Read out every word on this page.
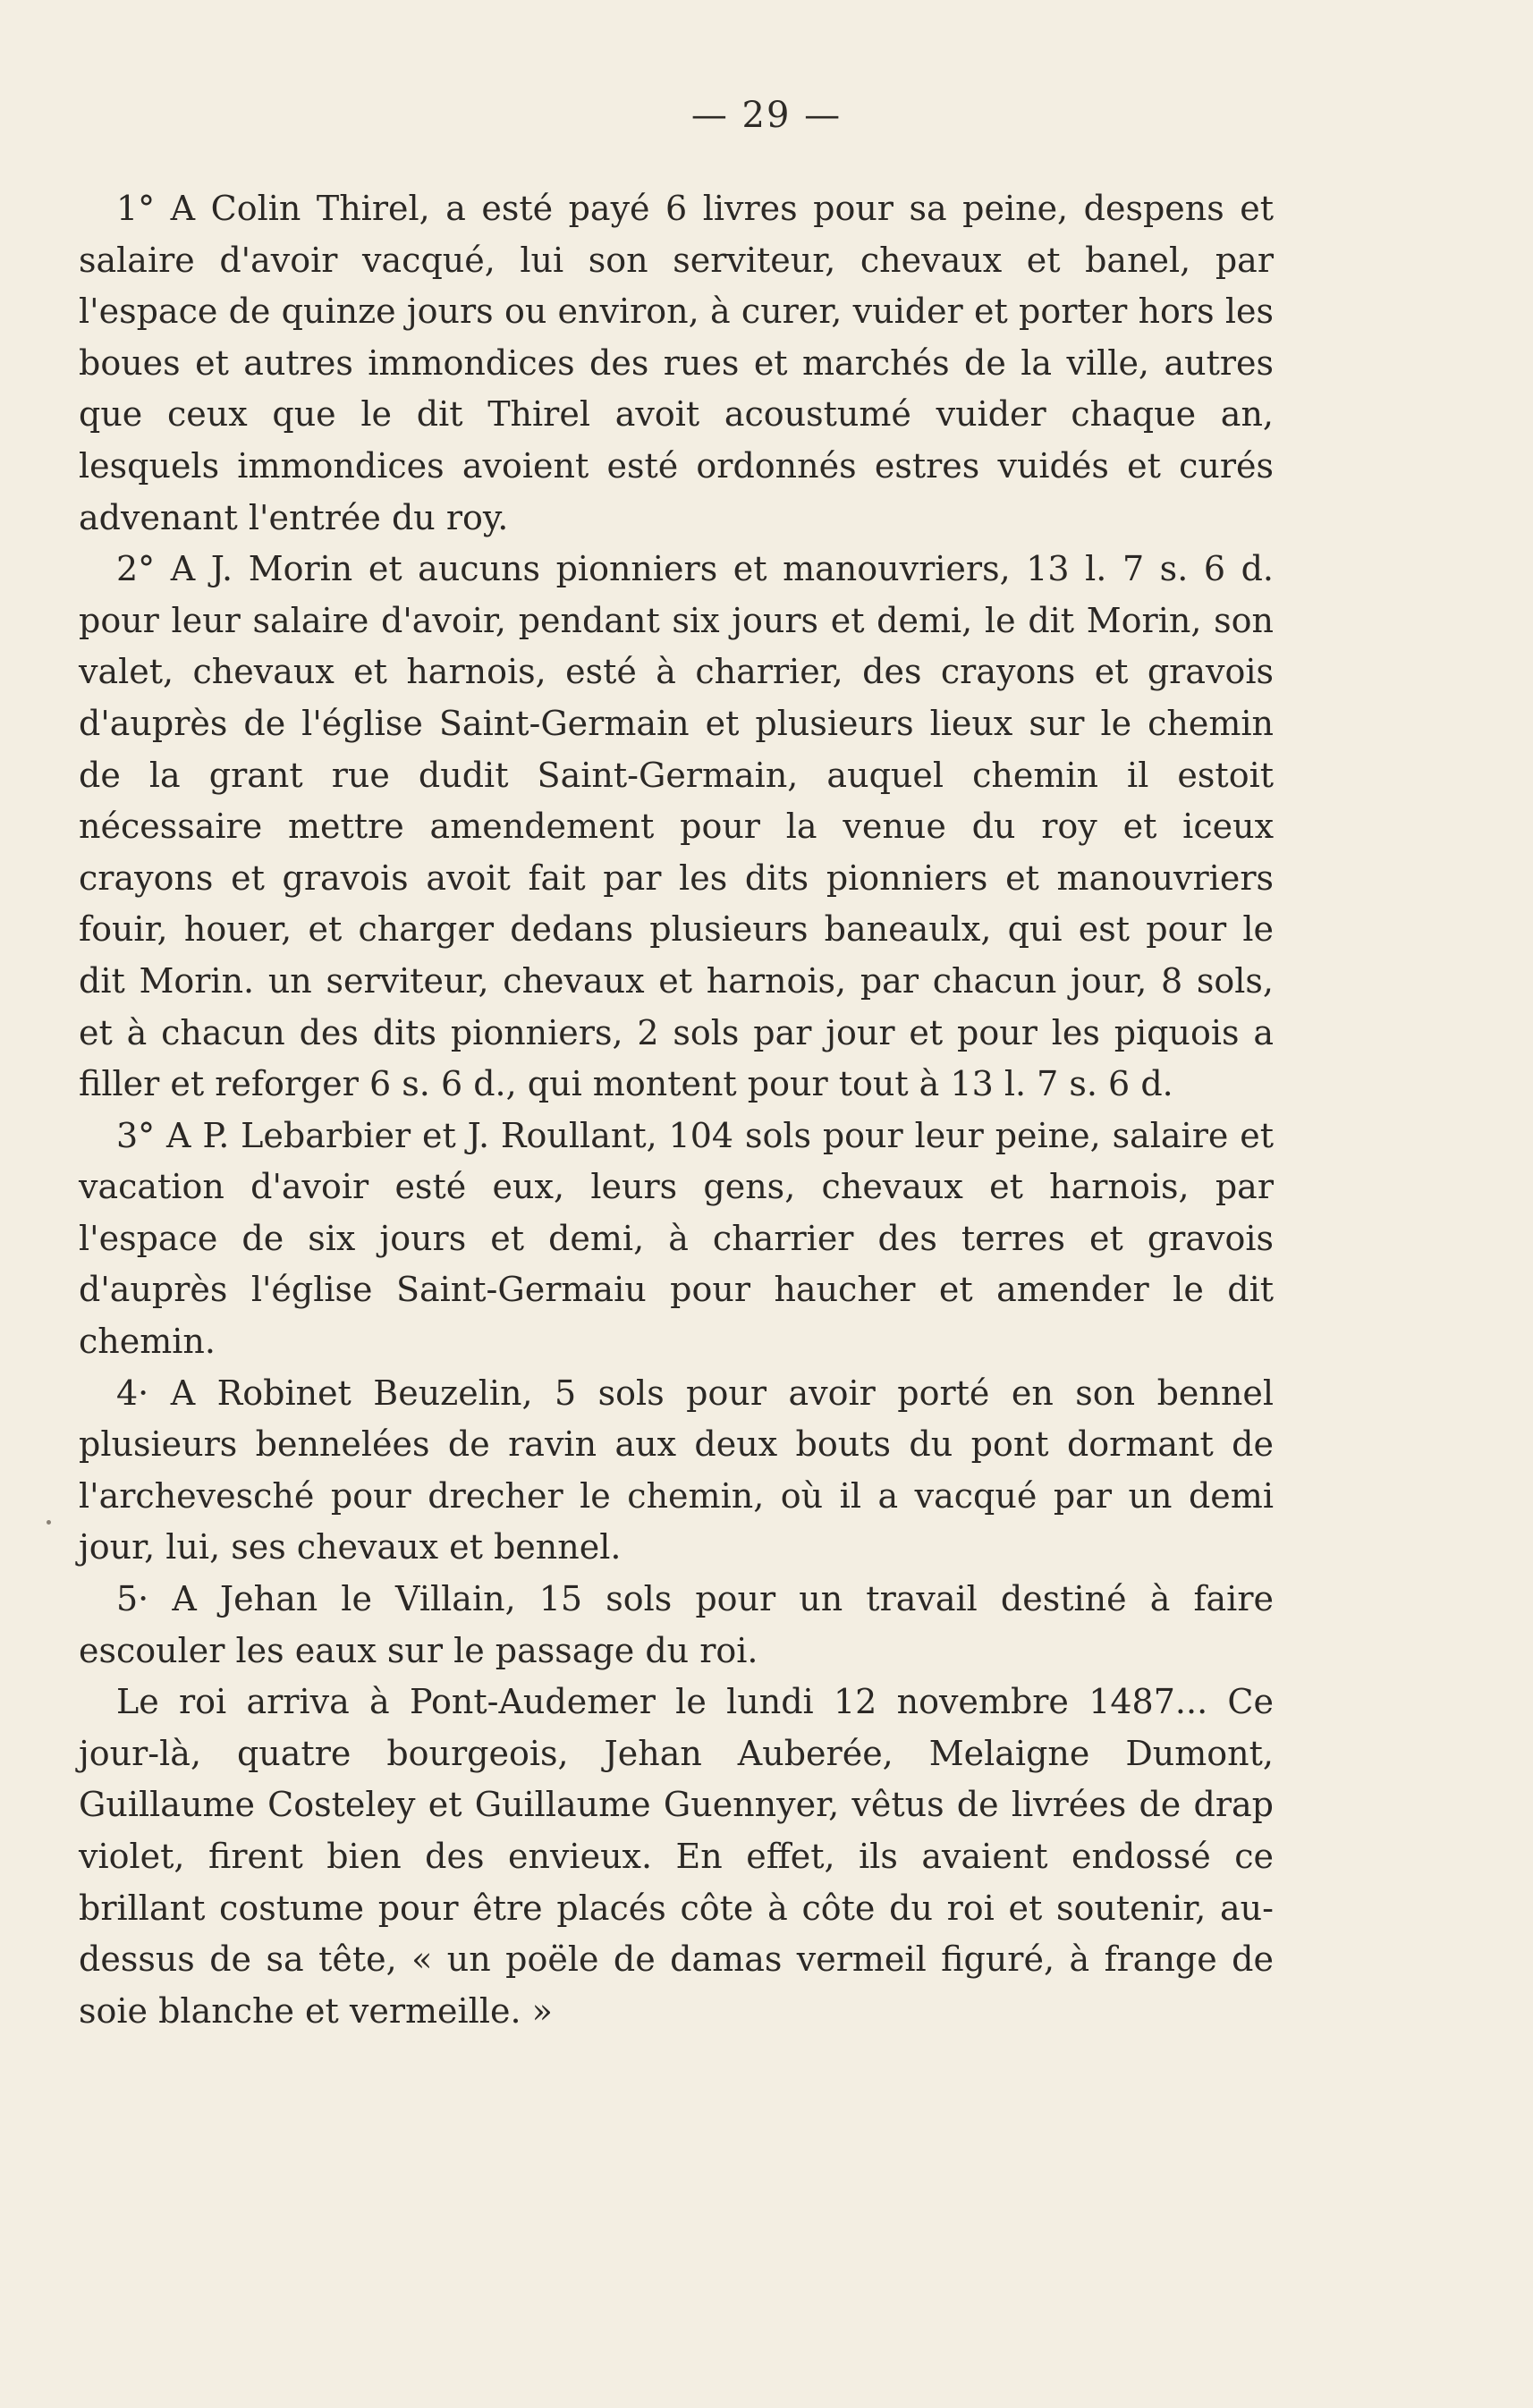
— 29 —

1° A Colin Thirel, a esté payé 6 livres pour sa peine, despens et salaire d'avoir vacqué, lui son serviteur, chevaux et banel, par l'espace de quinze jours ou environ, à curer, vuider et porter hors les boues et autres immondices des rues et marchés de la ville, autres que ceux que le dit Thirel avoit acoustumé vuider chaque an, lesquels immondices avoient esté ordonnés estres vuidés et curés advenant l'entrée du roy.

2° A J. Morin et aucuns pionniers et manouvriers, 13 l. 7 s. 6 d. pour leur salaire d'avoir, pendant six jours et demi, le dit Morin, son valet, chevaux et harnois, esté à charrier, des crayons et gravois d'auprès de l'église Saint-Germain et plusieurs lieux sur le chemin de la grant rue dudit Saint-Germain, auquel chemin il estoit nécessaire mettre amendement pour la venue du roy et iceux crayons et gravois avoit fait par les dits pionniers et manouvriers fouir, houer, et charger dedans plusieurs baneaulx, qui est pour le dit Morin. un serviteur, chevaux et harnois, par chacun jour, 8 sols, et à chacun des dits pionniers, 2 sols par jour et pour les piquois a filler et reforger 6 s. 6 d., qui montent pour tout à 13 l. 7 s. 6 d.

3° A P. Lebarbier et J. Roullant, 104 sols pour leur peine, salaire et vacation d'avoir esté eux, leurs gens, chevaux et harnois, par l'espace de six jours et demi, à charrier des terres et gravois d'auprès l'église Saint-Germaiu pour haucher et amender le dit chemin.

4· A Robinet Beuzelin, 5 sols pour avoir porté en son bennel plusieurs bennelées de ravin aux deux bouts du pont dormant de l'archevesché pour drecher le chemin, où il a vacqué par un demi jour, lui, ses chevaux et bennel.

5· A Jehan le Villain, 15 sols pour un travail destiné à faire escouler les eaux sur le passage du roi.

Le roi arriva à Pont-Audemer le lundi 12 novembre 1487... Ce jour-là, quatre bourgeois, Jehan Auberée, Melaigne Dumont, Guillaume Costeley et Guillaume Guennyer, vêtus de livrées de drap violet, firent bien des envieux. En effet, ils avaient endossé ce brillant costume pour être placés côte à côte du roi et soutenir, au-dessus de sa tête, « un poële de damas vermeil figuré, à frange de soie blanche et vermeille. »
